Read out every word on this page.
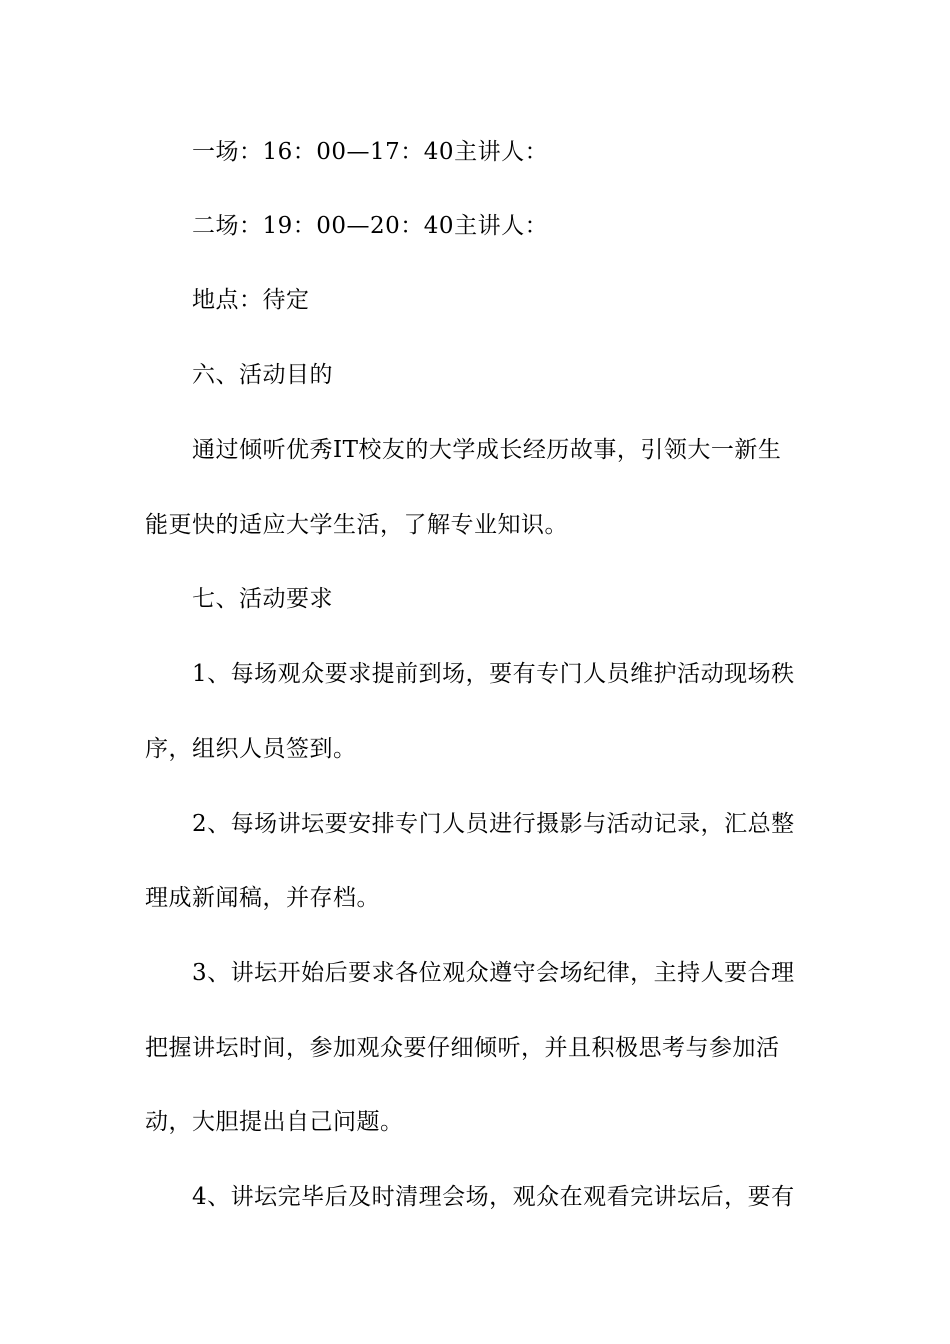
一场：16：00—17：40主讲人：
二场：19：00—20：40主讲人：
地点：待定
六、活动目的
通过倾听优秀IT校友的大学成长经历故事，引领大一新生
能更快的适应大学生活，了解专业知识。
七、活动要求
1、每场观众要求提前到场，要有专门人员维护活动现场秩
序，组织人员签到。
2、每场讲坛要安排专门人员进行摄影与活动记录，汇总整
理成新闻稿，并存档。
3、讲坛开始后要求各位观众遵守会场纪律，主持人要合理
把握讲坛时间，参加观众要仔细倾听，并且积极思考与参加活
动，大胆提出自己问题。
4、讲坛完毕后及时清理会场，观众在观看完讲坛后，要有
